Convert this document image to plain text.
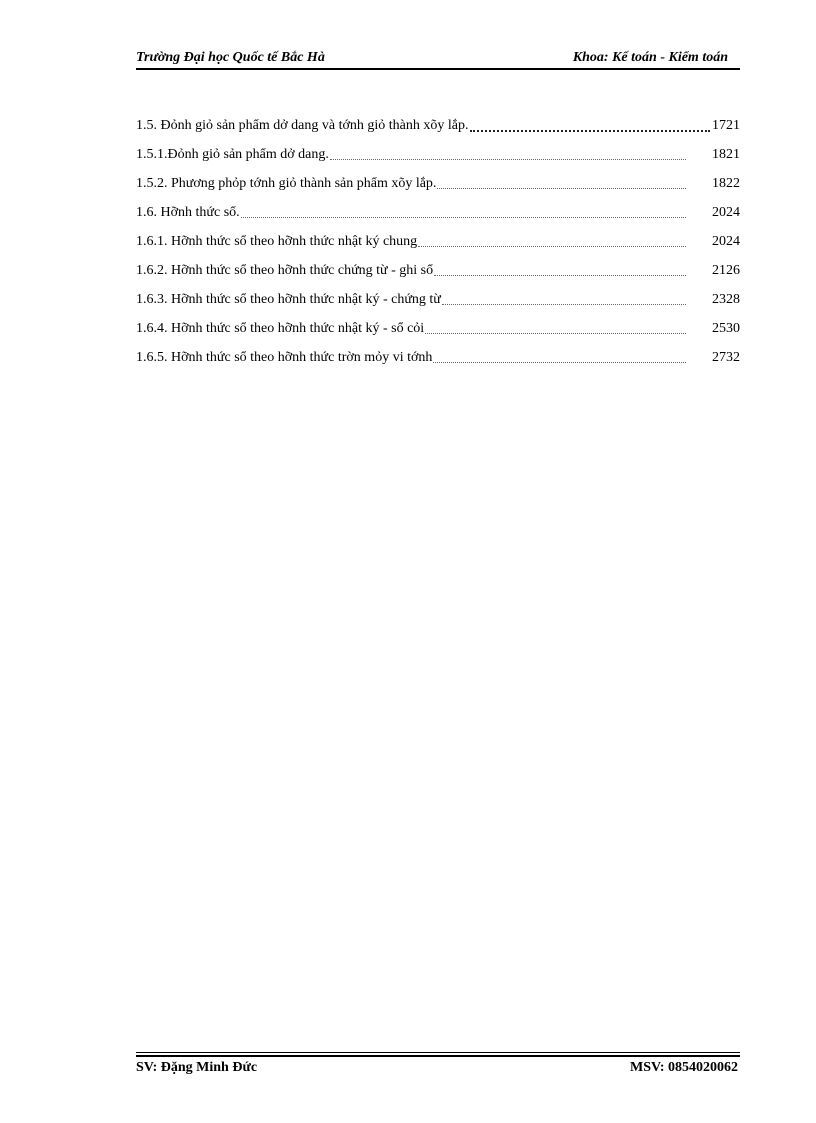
Trường Đại học Quốc tế Bắc Hà	Khoa: Kế toán - Kiểm toán
1.5. Đỏnh giỏ sản phẩm dở dang và tớnh giỏ thành xõy lắp.	1721
1.5.1.Đỏnh giỏ sản phẩm dở dang.	1821
1.5.2. Phương phỏp tớnh giỏ thành sản phẩm xõy lắp.	1822
1.6. Hỡnh thức sổ.	2024
1.6.1. Hỡnh thức sổ theo hỡnh thức nhật ký chung	2024
1.6.2. Hỡnh thức sổ theo hỡnh thức chứng từ - ghi sổ	2126
1.6.3. Hỡnh thức sổ theo hỡnh thức nhật ký - chứng từ	2328
1.6.4. Hỡnh thức sổ theo hỡnh thức nhật ký - sổ cỏi	2530
1.6.5. Hỡnh thức sổ theo hỡnh thức trờn mỏy vi tớnh	2732
SV: Đặng Minh Đức	MSV: 0854020062
